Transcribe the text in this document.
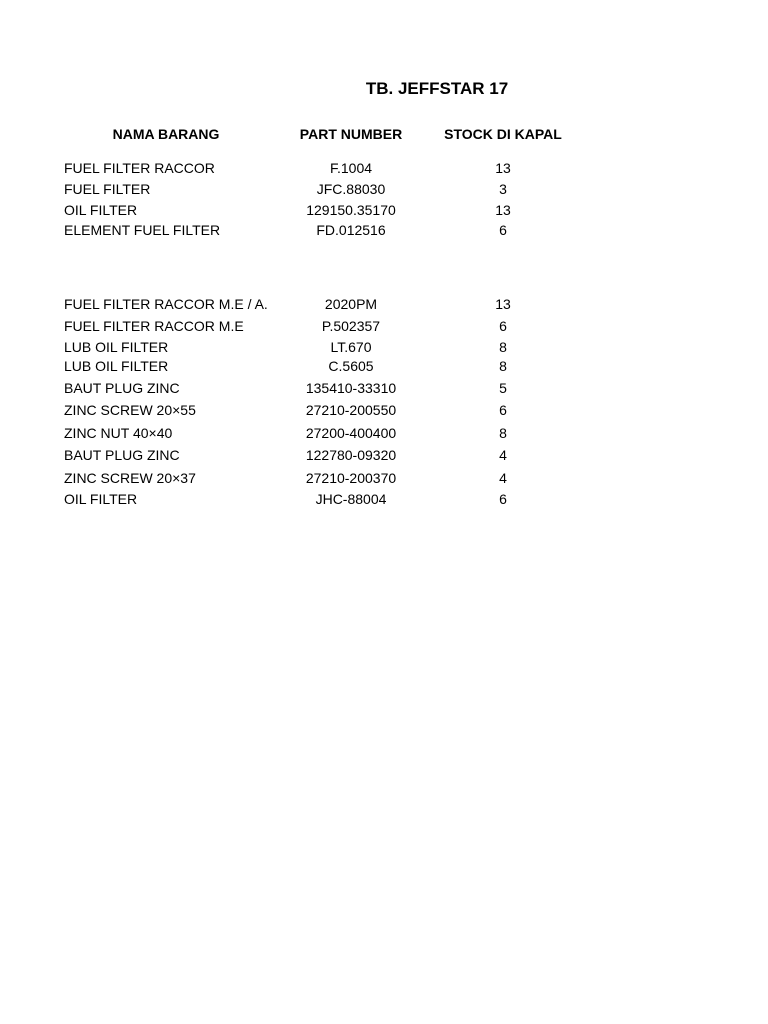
TB. JEFFSTAR 17
NAMA BARANG	PART NUMBER	STOCK DI KAPAL
FUEL FILTER RACCOR	F.1004	13
FUEL FILTER	JFC.88030	3
OIL FILTER	129150.35170	13
ELEMENT FUEL FILTER	FD.012516	6
FUEL FILTER RACCOR M.E / A.	2020PM	13
FUEL FILTER RACCOR M.E	P.502357	6
LUB OIL FILTER	LT.670	8
LUB OIL FILTER	C.5605	8
BAUT PLUG ZINC	135410-33310	5
ZINC SCREW 20×55	27210-200550	6
ZINC NUT 40×40	27200-400400	8
BAUT PLUG ZINC	122780-09320	4
ZINC SCREW 20×37	27210-200370	4
OIL FILTER	JHC-88004	6
